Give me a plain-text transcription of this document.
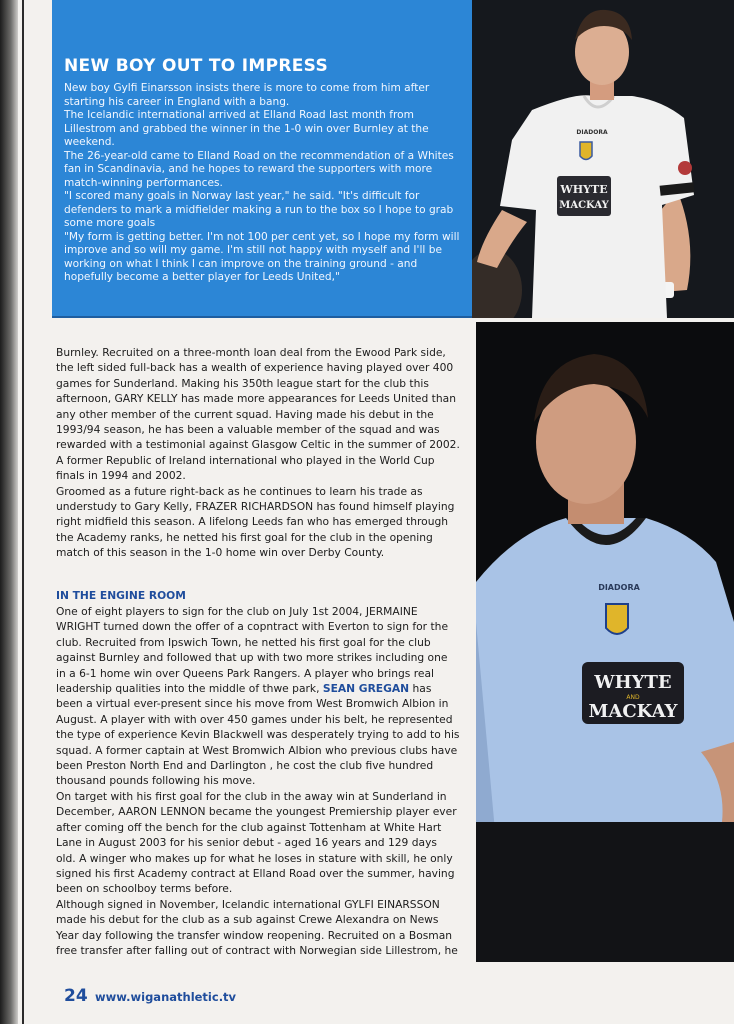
NEW BOY OUT TO IMPRESS

New boy Gylfi Einarsson insists there is more to come from him after starting his career in England with a bang.

The Icelandic international arrived at Elland Road last month from Lillestrom and grabbed the winner in the 1-0 win over Burnley at the weekend.

The 26-year-old came to Elland Road on the recommendation of a Whites fan in Scandinavia, and he hopes to reward the supporters with more match-winning performances.

"I scored many goals in Norway last year," he said. "It's difficult for defenders to mark a midfielder making a run to the box so I hope to grab some more goals

"My form is getting better. I'm not 100 per cent yet, so I hope my form will improve and so will my game. I'm still not happy with myself and I'll be working on what I think I can improve on the training ground - and hopefully become a better player for Leeds United,"

WHYTE
MACKAY
DIADORA
WHYTE
AND
MACKAY
DIADORA

Burnley. Recruited on a three-month loan deal from the Ewood Park side, the left sided full-back has a wealth of experience having played over 400 games for Sunderland. Making his 350th league start for the club this afternoon, GARY KELLY has made more appearances for Leeds United than any other member of the current squad. Having made his debut in the 1993/94 season, he has been a valuable member of the squad and was rewarded with a testimonial against Glasgow Celtic in the summer of 2002. A former Republic of Ireland international who played in the World Cup finals in 1994 and 2002.

Groomed as a future right-back as he continues to learn his trade as understudy to Gary Kelly, FRAZER RICHARDSON has found himself playing right midfield this season. A lifelong Leeds fan who has emerged through the Academy ranks, he netted his first goal for the club in the opening match of this season in the 1-0 home win over Derby County.

IN THE ENGINE ROOM

One of eight players to sign for the club on July 1st 2004, JERMAINE WRIGHT turned down the offer of a copntract with Everton to sign for the club. Recruited from Ipswich Town, he netted his first goal for the club against Burnley and followed that up with two more strikes including one in a 6-1 home win over Queens Park Rangers. A player who brings real leadership qualities into the middle of thwe park, SEAN GREGAN has been a virtual ever-present since his move from West Bromwich Albion in August. A player with with over 450 games under his belt, he represented the type of experience Kevin Blackwell was desperately trying to add to his squad. A former captain at West Bromwich Albion who previous clubs have been Preston North End and Darlington , he cost the club five hundred thousand pounds following his move.

On target with his first goal for the club in the away win at Sunderland in December, AARON LENNON became the youngest Premiership player ever after coming off the bench for the club against Tottenham at White Hart Lane in August 2003 for his senior debut - aged 16 years and 129 days old. A winger who makes up for what he loses in stature with skill, he only signed his first Academy contract at Elland Road over the summer, having been on schoolboy terms before.

Although signed in November, Icelandic international GYLFI EINARSSON made his debut for the club as a sub against Crewe Alexandra on News Year day following the transfer window reopening. Recruited on a Bosman free transfer after falling out of contract with Norwegian side Lillestrom, he

24 www.wiganathletic.tv
